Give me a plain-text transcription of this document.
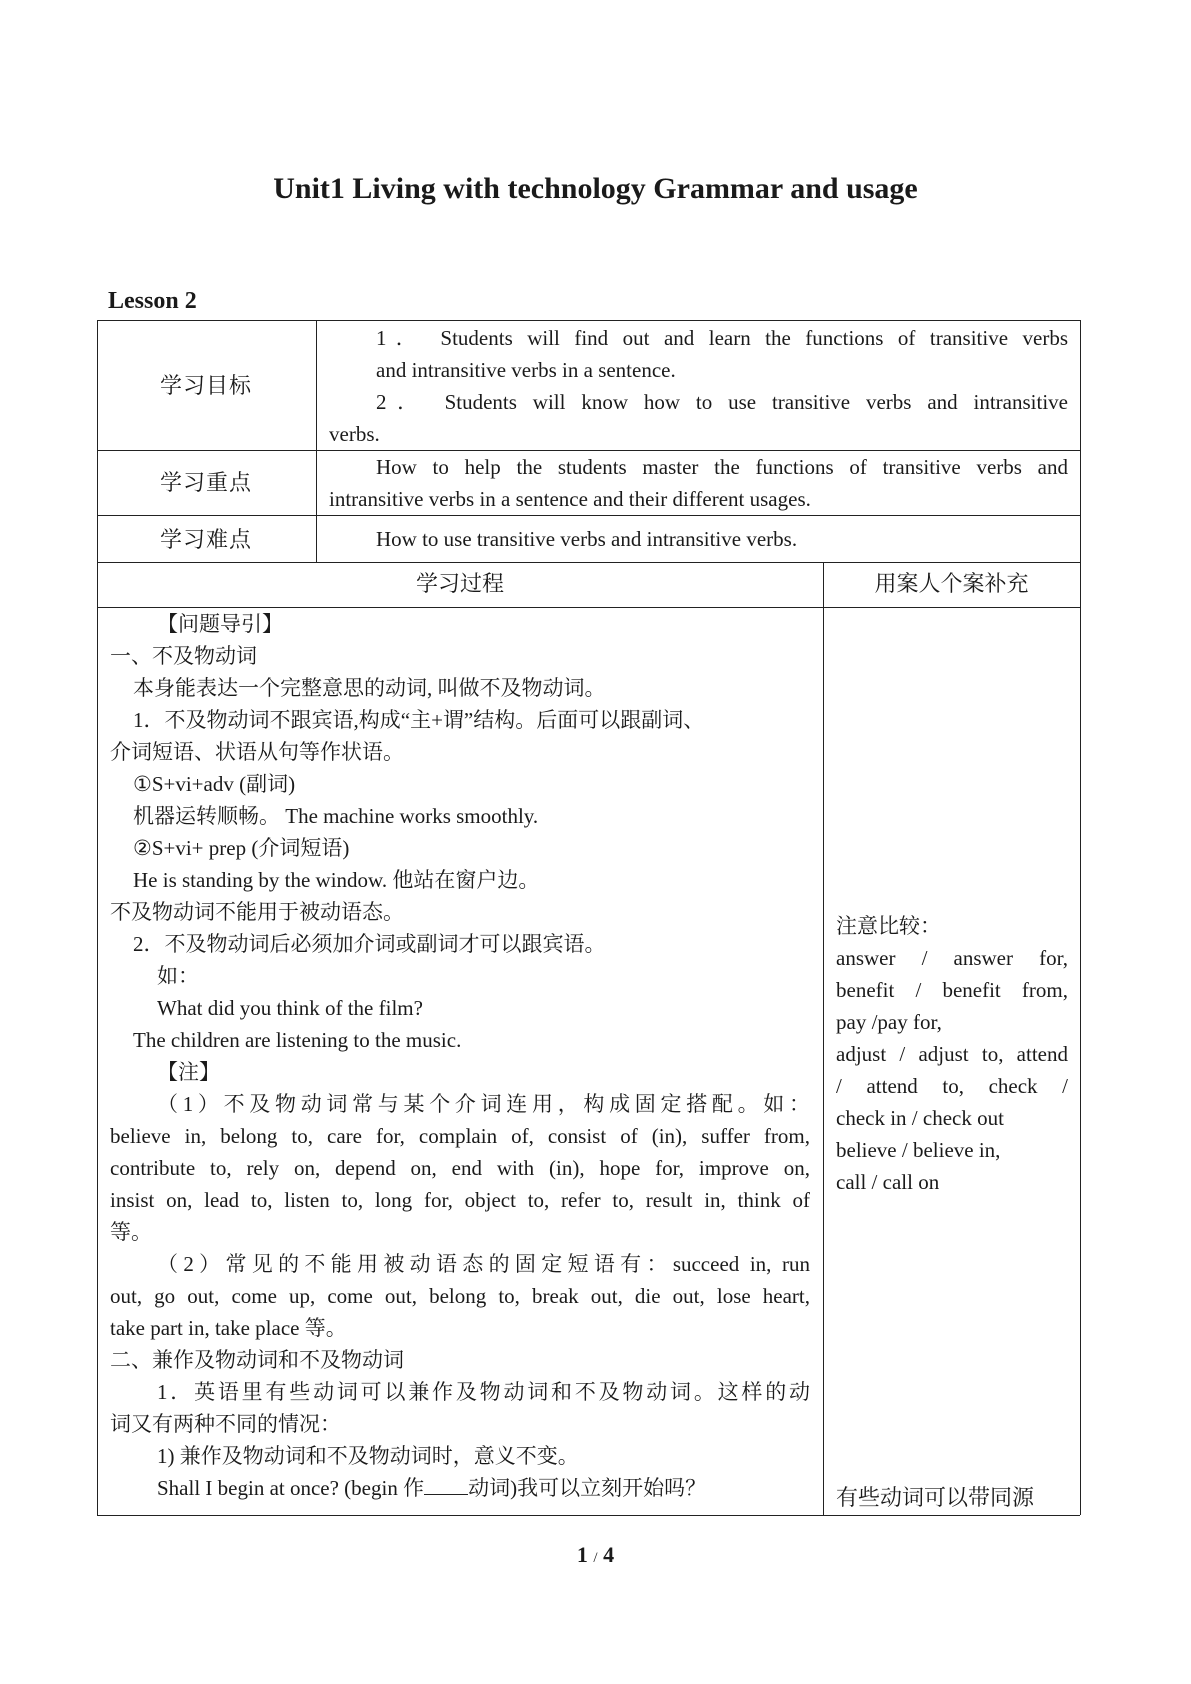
Unit1 Living with technology Grammar and usage
Lesson 2
学习目标
1． Students will find out and learn the functions of transitive verbs
and intransitive verbs in a sentence.
2． Students will know how to use transitive verbs and intransitive
verbs.
学习重点
How to help the students master the functions of transitive verbs and
intransitive verbs in a sentence and their different usages.
学习难点	How to use transitive verbs and intransitive verbs.
学习过程	用案人个案补充
【问题导引】
一、不及物动词
本身能表达一个完整意思的动词, 叫做不及物动词。
1．不及物动词不跟宾语,构成“主+谓”结构。后面可以跟副词、
介词短语、状语从句等作状语。
①S+vi+adv (副词)
机器运转顺畅。 The machine works smoothly.
②S+vi+ prep (介词短语)
He is standing by the window. 他站在窗户边。
不及物动词不能用于被动语态。
2．不及物动词后必须加介词或副词才可以跟宾语。
如：
What did you think of the film?
The children are listening to the music.
【注】
（1）不及物动词常与某个介词连用，构成固定搭配。如：
believe in, belong to, care for, complain of, consist of (in), suffer from,
contribute to, rely on, depend on, end with (in), hope for, improve on,
insist on, lead to, listen to, long for, object to, refer to, result in, think of
等。
（2）常见的不能用被动语态的固定短语有：succeed in, run
out, go out, come up, come out, belong to, break out, die out, lose heart,
take part in, take place 等。
二、兼作及物动词和不及物动词
1．英语里有些动词可以兼作及物动词和不及物动词。这样的动
词又有两种不同的情况：
1) 兼作及物动词和不及物动词时，意义不变。
Shall I begin at once? (begin 作 动词)我可以立刻开始吗？
注意比较：
answer / answer for,
benefit / benefit from,
pay /pay for,
adjust / adjust to, attend
/ attend to, check /
check in / check out
believe / believe in,
call / call on
有些动词可以带同源
1 / 4
